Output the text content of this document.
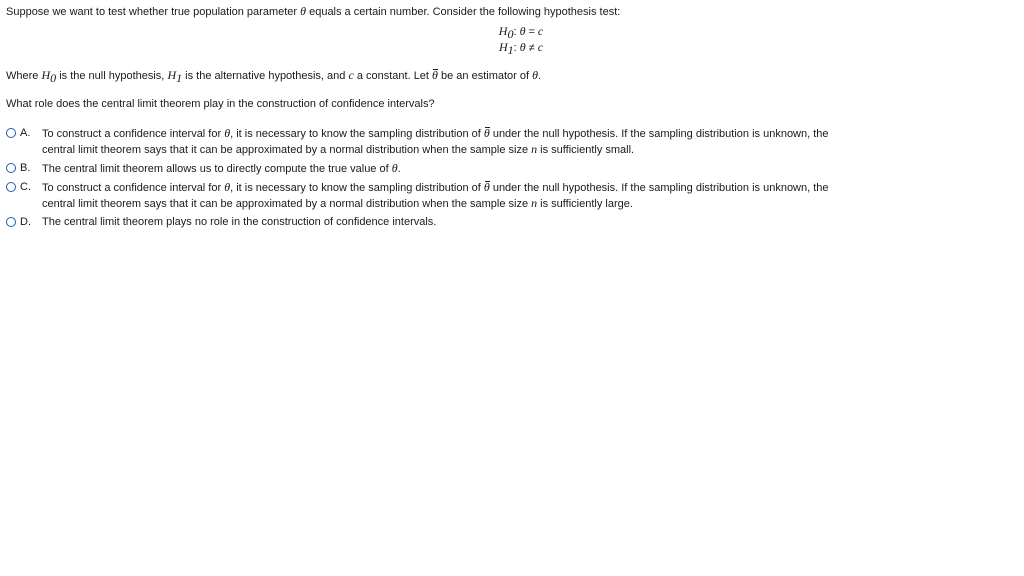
Suppose we want to test whether true population parameter θ equals a certain number. Consider the following hypothesis test:

$H_0$: θ = c
$H_1$: θ ≠ c
Where $H_0$ is the null hypothesis, $H_1$ is the alternative hypothesis, and c a constant. Let θ be an estimator of θ.
What role does the central limit theorem play in the construction of confidence intervals?
A.	To construct a confidence interval for θ, it is necessary to know the sampling distribution of θ under the null hypothesis. If the sampling distribution is unknown, the central limit theorem says that it can be approximated by a normal distribution when the sample size n is sufficiently small.
B.	The central limit theorem allows us to directly compute the true value of θ.
C.	To construct a confidence interval for θ, it is necessary to know the sampling distribution of θ under the null hypothesis. If the sampling distribution is unknown, the central limit theorem says that it can be approximated by a normal distribution when the sample size n is sufficiently large.
D.	The central limit theorem plays no role in the construction of confidence intervals.
